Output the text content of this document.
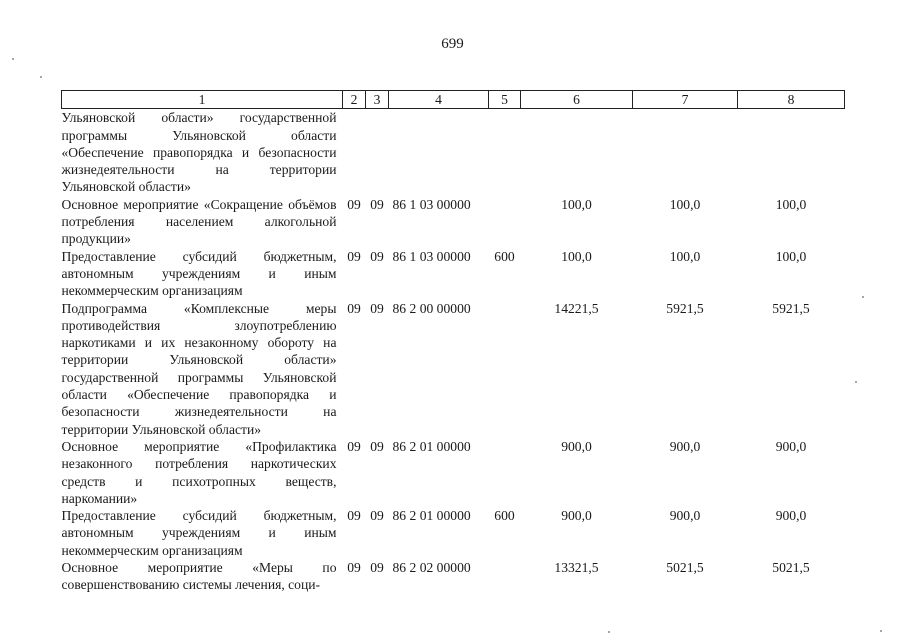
699
1	2	3	4	5	6	7	8
Ульяновской области» государственной программы Ульяновской области «Обеспечение правопорядка и безопасности жизнедеятельности на территории Ульяновской области»							
Основное мероприятие «Сокращение объёмов потребления населением алкогольной продукции»	09	09	86 1 03 00000		100,0	100,0	100,0
Предоставление субсидий бюджетным, автономным учреждениям и иным некоммерческим организациям	09	09	86 1 03 00000	600	100,0	100,0	100,0
Подпрограмма «Комплексные меры противодействия злоупотреблению наркотиками и их незаконному обороту на территории Ульяновской области» государственной программы Ульяновской области «Обеспечение правопорядка и безопасности жизнедеятельности на территории Ульяновской области»	09	09	86 2 00 00000		14221,5	5921,5	5921,5
Основное мероприятие «Профилактика незаконного потребления наркотических средств и психотропных веществ, наркомании»	09	09	86 2 01 00000		900,0	900,0	900,0
Предоставление субсидий бюджетным, автономным учреждениям и иным некоммерческим организациям	09	09	86 2 01 00000	600	900,0	900,0	900,0
Основное мероприятие «Меры по совершенствованию системы лечения, соци-	09	09	86 2 02 00000		13321,5	5021,5	5021,5
